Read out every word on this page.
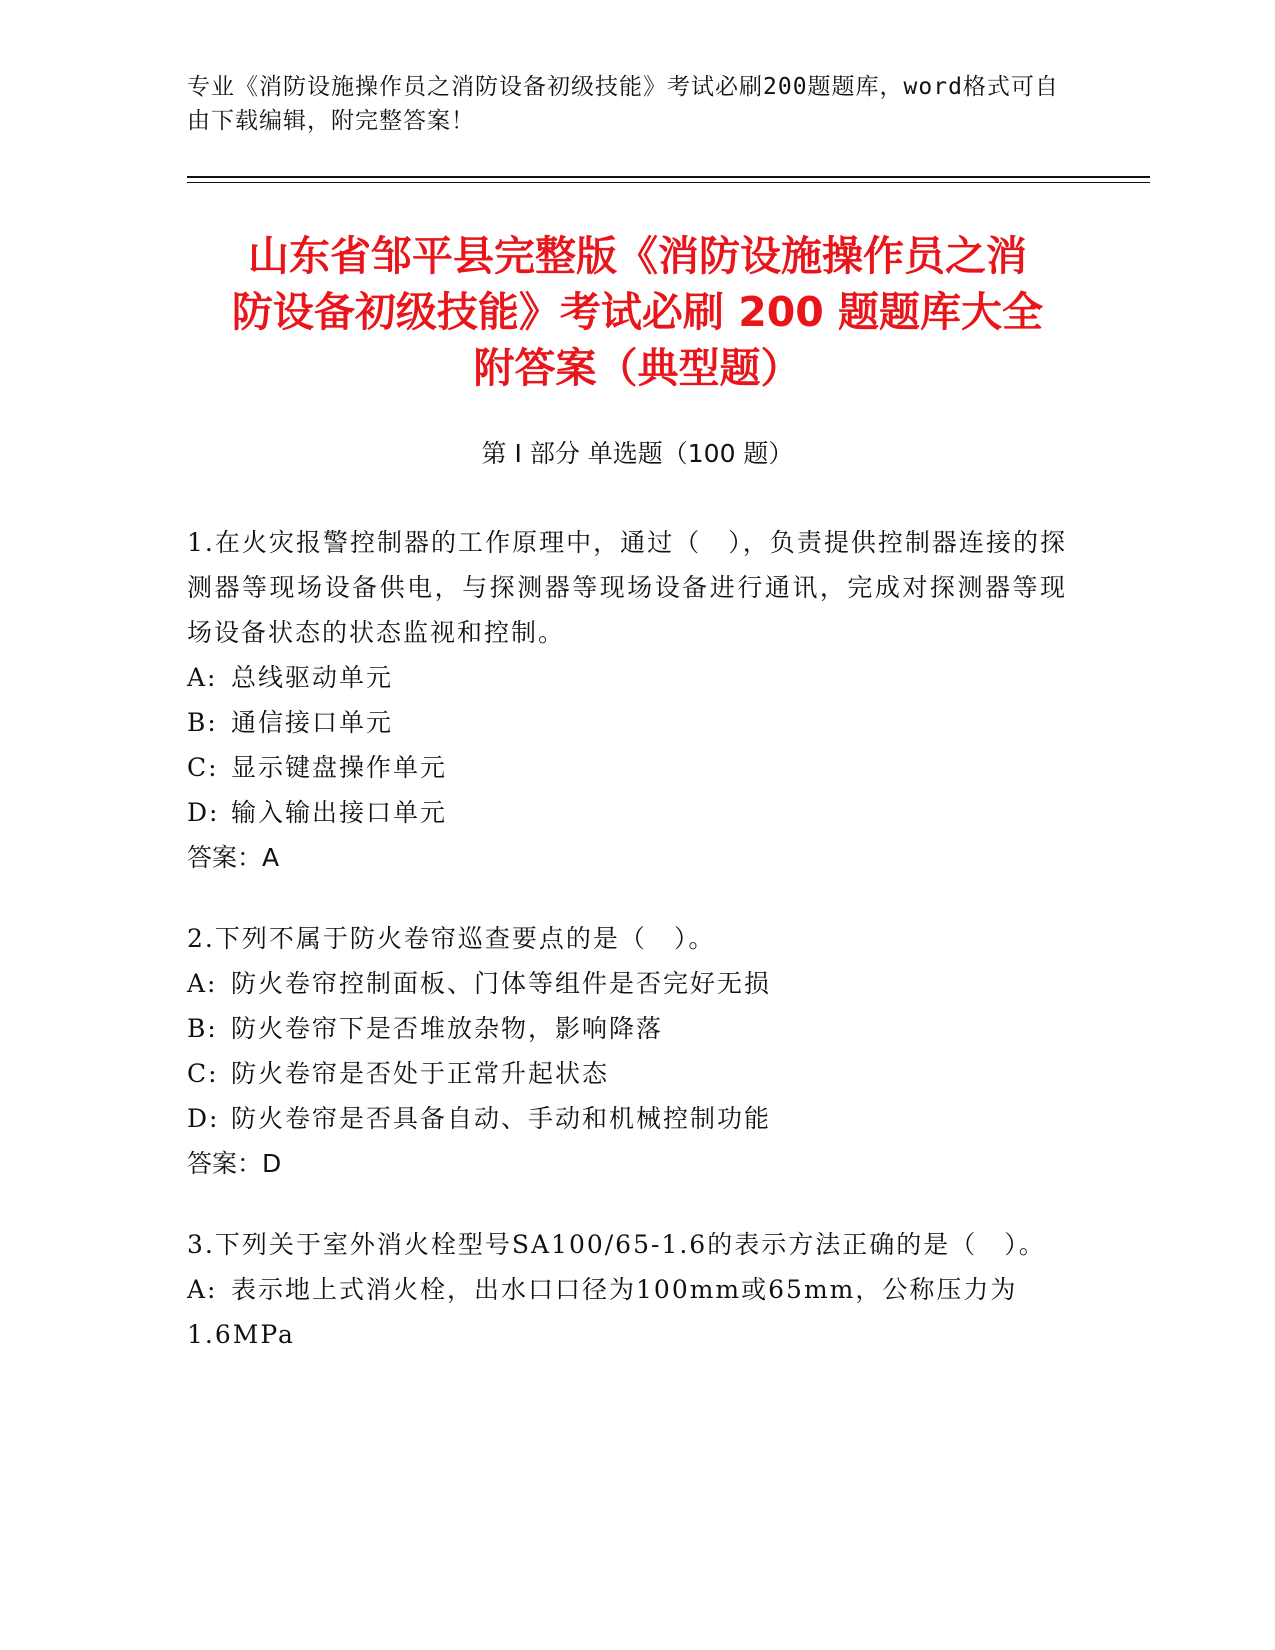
专业《消防设施操作员之消防设备初级技能》考试必刷200题题库，word格式可自由下载编辑，附完整答案！
山东省邹平县完整版《消防设施操作员之消
防设备初级技能》考试必刷 200 题题库大全
附答案（典型题）
第 I 部分 单选题（100 题）

1.在火灾报警控制器的工作原理中，通过（　），负责提供控制器连接的探测器等现场设备供电，与探测器等现场设备进行通讯，完成对探测器等现场设备状态的状态监视和控制。

A: 总线驱动单元

B: 通信接口单元

C: 显示键盘操作单元

D: 输入输出接口单元

答案：A

2.下列不属于防火卷帘巡查要点的是（　）。

A: 防火卷帘控制面板、门体等组件是否完好无损

B: 防火卷帘下是否堆放杂物，影响降落

C: 防火卷帘是否处于正常升起状态

D: 防火卷帘是否具备自动、手动和机械控制功能

答案：D

3.下列关于室外消火栓型号SA100/65-1.6的表示方法正确的是（　）。

A: 表示地上式消火栓，出水口口径为100mm或65mm，公称压力为1.6MPa
